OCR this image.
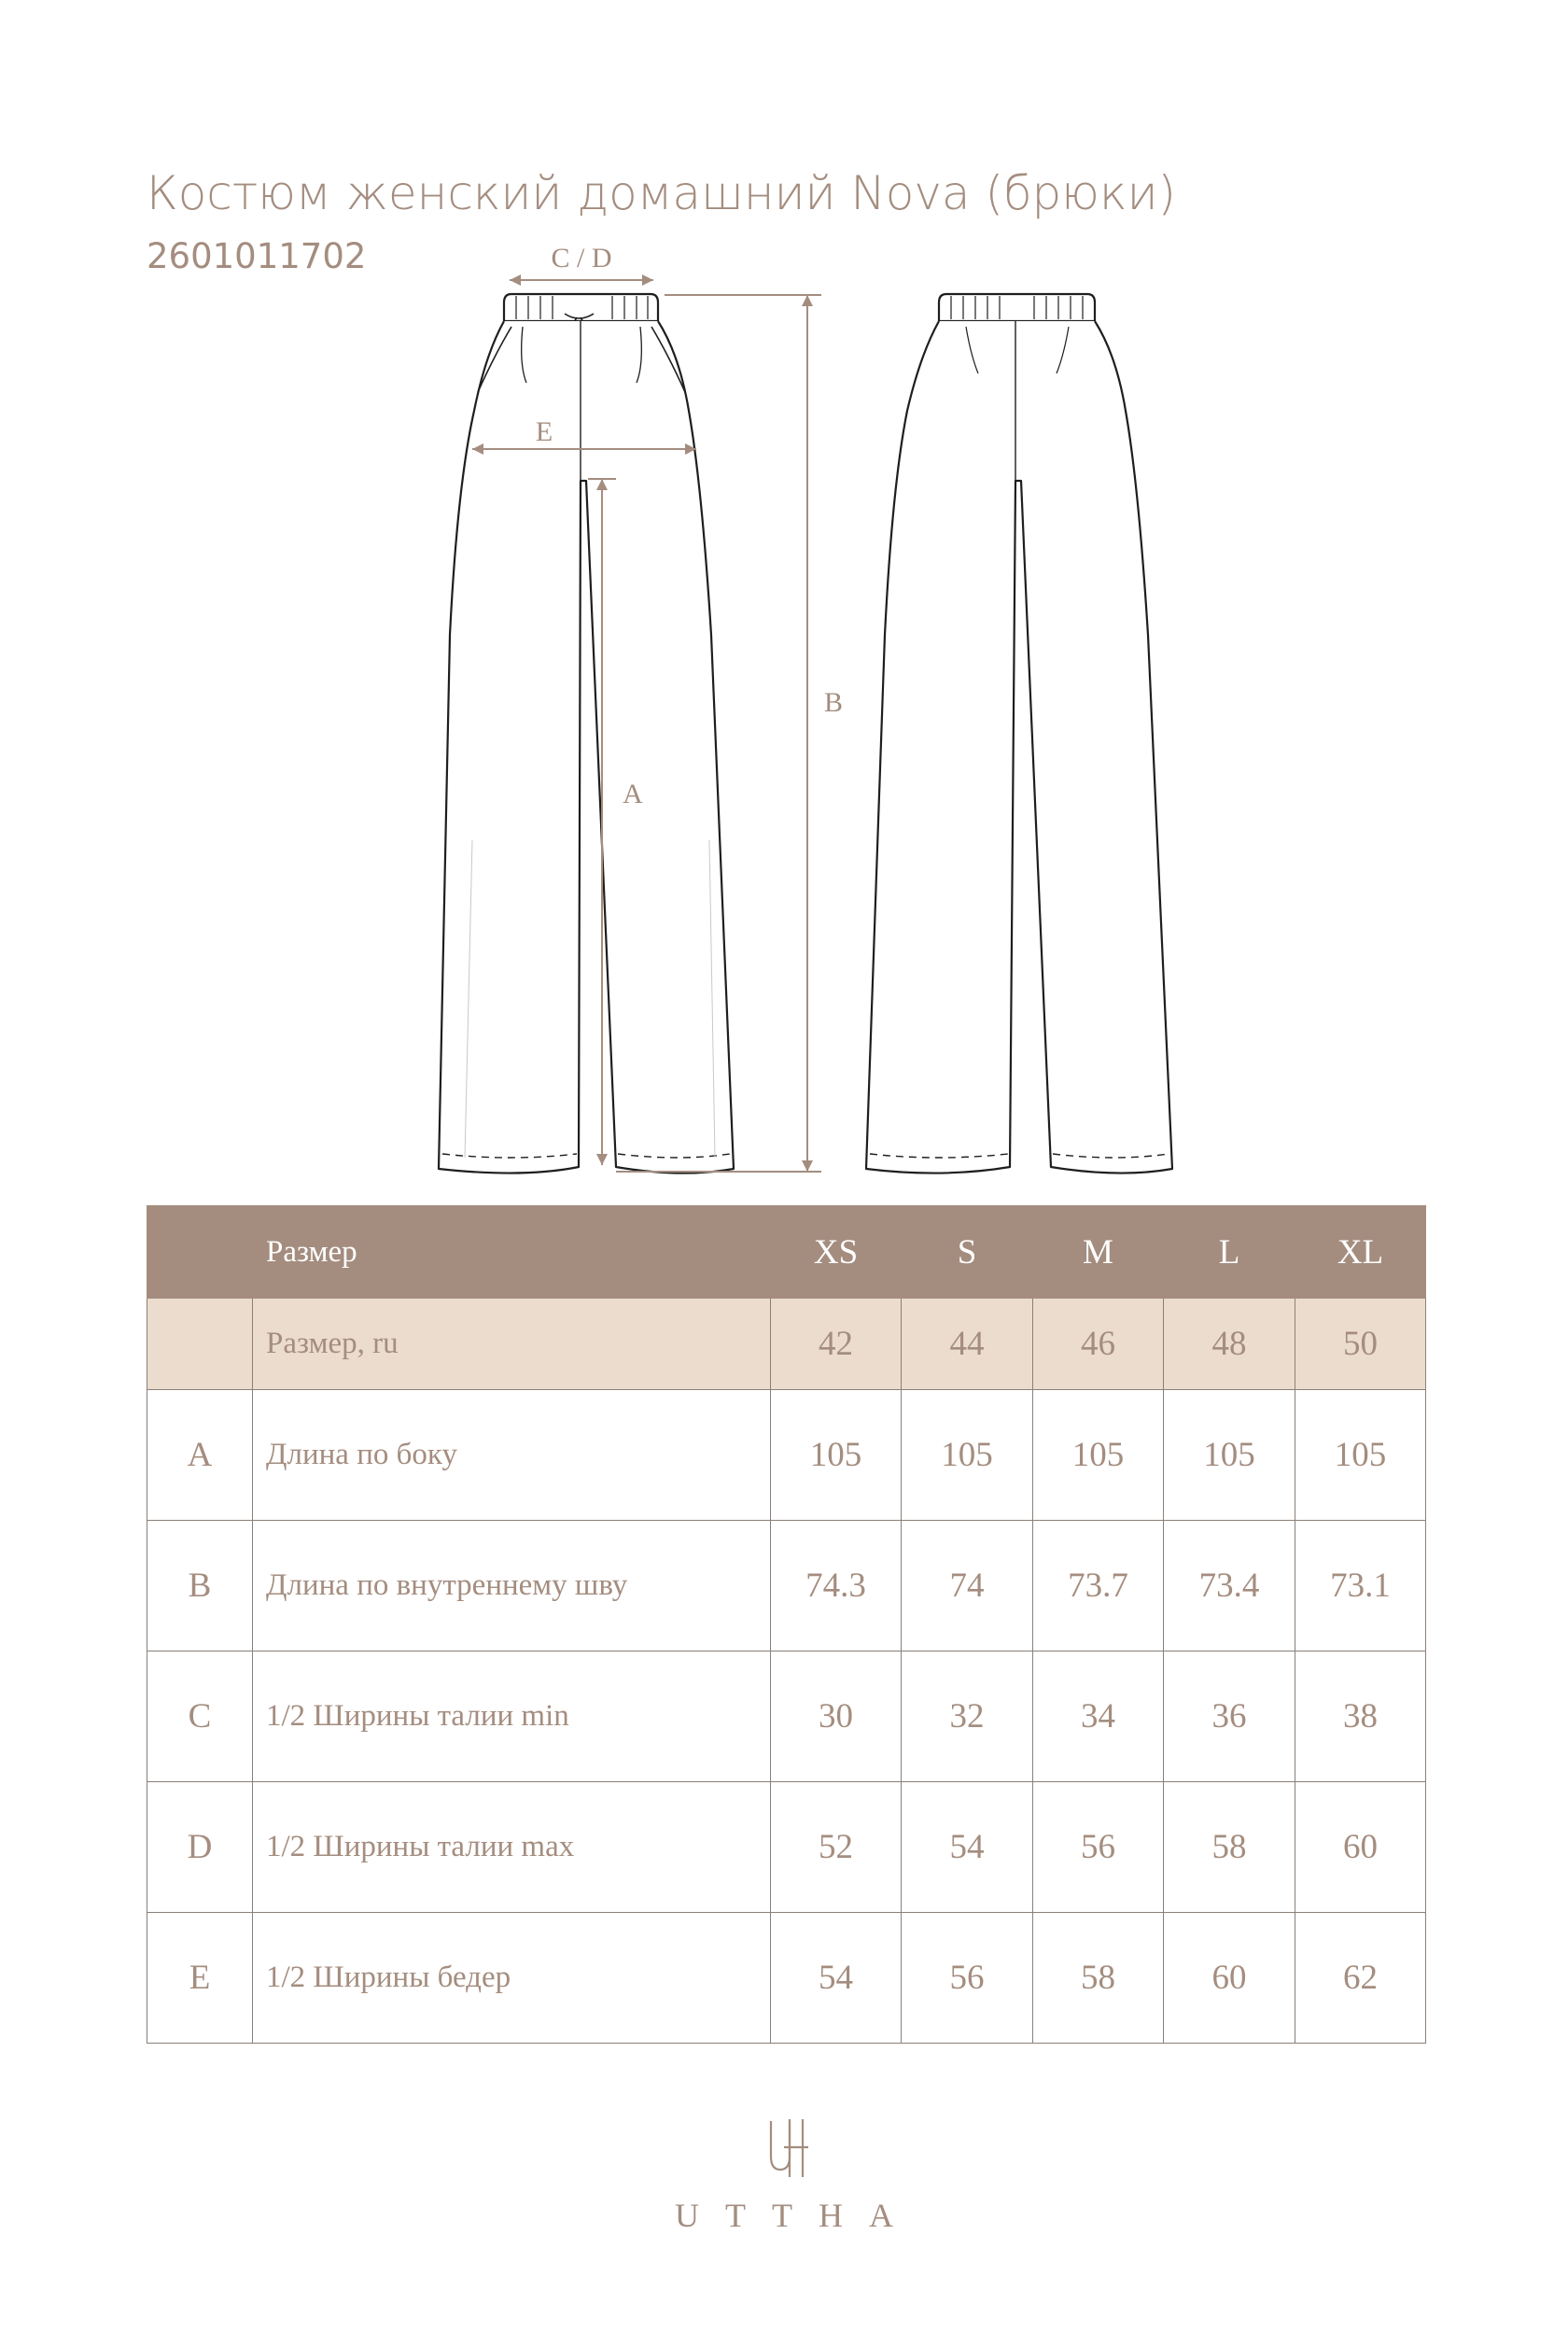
Костюм женский домашний Nova (брюки)
2601011702	C / D
E
A
B
	Размер	XS	S	M	L	XL
	Размер, ru	42	44	46	48	50
A	Длина по боку	105	105	105	105	105
B	Длина по внутреннему шву	74.3	74	73.7	73.4	73.1
C	1/2 Ширины талии min	30	32	34	36	38
D	1/2 Ширины талии max	52	54	56	58	60
E	1/2 Ширины бедер	54	56	58	60	62
UTTHA
